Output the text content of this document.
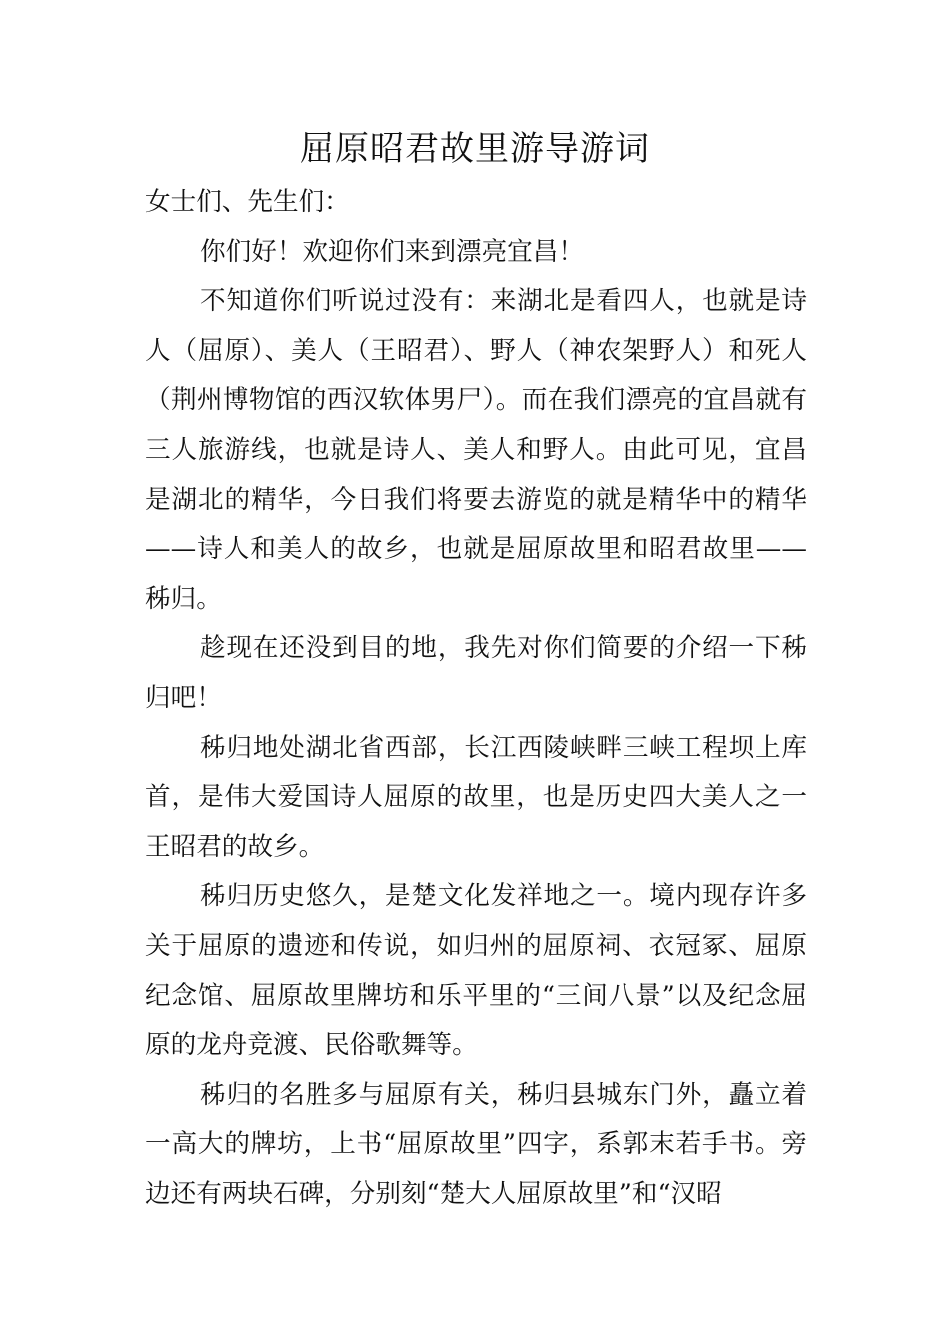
屈原昭君故里游导游词

女士们、先生们：

你们好！欢迎你们来到漂亮宜昌！

不知道你们听说过没有：来湖北是看四人，也就是诗人（屈原）、美人（王昭君）、野人（神农架野人）和死人（荆州博物馆的西汉软体男尸）。而在我们漂亮的宜昌就有三人旅游线，也就是诗人、美人和野人。由此可见，宜昌是湖北的精华，今日我们将要去游览的就是精华中的精华——诗人和美人的故乡，也就是屈原故里和昭君故里——秭归。

趁现在还没到目的地，我先对你们简要的介绍一下秭归吧！

秭归地处湖北省西部，长江西陵峡畔三峡工程坝上库首，是伟大爱国诗人屈原的故里，也是历史四大美人之一王昭君的故乡。

秭归历史悠久，是楚文化发祥地之一。境内现存许多关于屈原的遗迹和传说，如归州的屈原祠、衣冠冢、屈原纪念馆、屈原故里牌坊和乐平里的“三间八景”以及纪念屈原的龙舟竞渡、民俗歌舞等。

秭归的名胜多与屈原有关，秭归县城东门外，矗立着一高大的牌坊，上书“屈原故里”四字，系郭末若手书。旁边还有两块石碑，分别刻“楚大人屈原故里”和“汉昭
